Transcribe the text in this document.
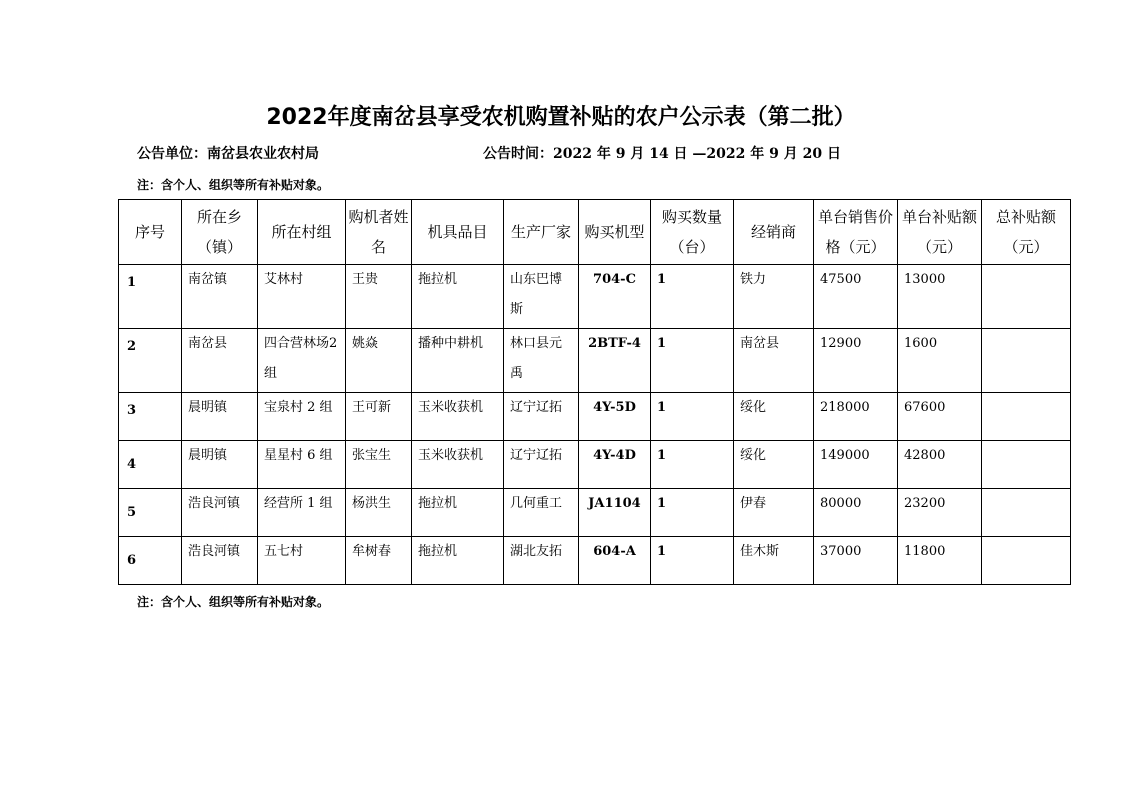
2022年度南岔县享受农机购置补贴的农户公示表（第二批）
公告单位：南岔县农业农村局	公告时间：2022 年 9 月 14 日 —2022 年 9 月 20 日
注：含个人、组织等所有补贴对象。
序号	所在乡（镇）	所在村组	购机者姓名	机具品目	生产厂家	购买机型	购买数量（台）	经销商	单台销售价格（元）	单台补贴额（元）	总补贴额（元）
1	南岔镇	艾林村	王贵	拖拉机	山东巴博斯	704-C	1	铁力	47500	13000	
2	南岔县	四合营林场2组	姚焱	播种中耕机	林口县元禹	2BTF-4	1	南岔县	12900	1600	
3	晨明镇	宝泉村 2 组	王可新	玉米收获机	辽宁辽拓	4Y-5D	1	绥化	218000	67600	
4	晨明镇	星星村 6 组	张宝生	玉米收获机	辽宁辽拓	4Y-4D	1	绥化	149000	42800	
5	浩良河镇	经营所 1 组	杨洪生	拖拉机	几何重工	JA1104	1	伊春	80000	23200	
6	浩良河镇	五七村	牟树春	拖拉机	湖北友拓	604-A	1	佳木斯	37000	11800	
注：含个人、组织等所有补贴对象。
